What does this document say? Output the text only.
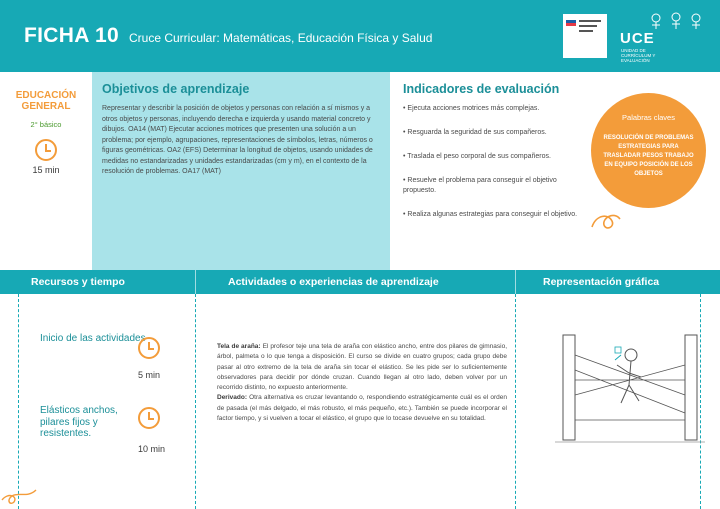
FICHA 10 Cruce Curricular: Matemáticas, Educación Física y Salud	UCE
UNIDAD DE CURRÍCULUM Y EVALUACIÓN
EDUCACIÓN GENERAL
2° básico
15 min
Objetivos de aprendizaje
Representar y describir la posición de objetos y personas con relación a sí mismos y a otros objetos y personas, incluyendo derecha e izquierda y usando material concreto y dibujos. OA14 (MAT) Ejecutar acciones motrices que presenten una solución a un problema; por ejemplo, agrupaciones, representaciones de símbolos, letras, números o figuras geométricas. OA2 (EFS) Determinar la longitud de objetos, usando unidades de medidas no estandarizadas y unidades estandarizadas (cm y m), en el contexto de la resolución de problemas. OA17 (MAT)
Indicadores de evaluación
• Ejecuta acciones motrices más complejas.
• Resguarda la seguridad de sus compañeros.
• Traslada el peso corporal de sus compañeros.
• Resuelve el problema para conseguir el objetivo propuesto.
• Realiza algunas estrategias para conseguir el objetivo.
Palabras claves
RESOLUCIÓN DE PROBLEMAS ESTRATEGIAS PARA TRASLADAR PESOS TRABAJO EN EQUIPO POSICIÓN DE LOS OBJETOS
Recursos y tiempo	Actividades o experiencias de aprendizaje	Representación gráfica
Inicio de las actividades
5 min
Elásticos anchos, pilares fijos y resistentes.
10 min
Tela de araña: El profesor teje una tela de araña con elástico ancho, entre dos pilares de gimnasio, árbol, palmeta o lo que tenga a disposición. El curso se divide en cuatro grupos; cada grupo debe pasar al otro extremo de la tela de araña sin tocar el elástico. Se les pide ser lo suficientemente observadores para decidir por dónde cruzan. Cuando llegan al otro lado, deben volver por un recorrido distinto, no expuesto anteriormente.
Derivado: Otra alternativa es cruzar levantando o, respondiendo estratégicamente cuál es el orden de pasada (el más delgado, el más robusto, el más pequeño, etc.). También se puede incorporar el factor tiempo, y si vuelven a tocar el elástico, el grupo que lo tocase devuelve en su totalidad.
